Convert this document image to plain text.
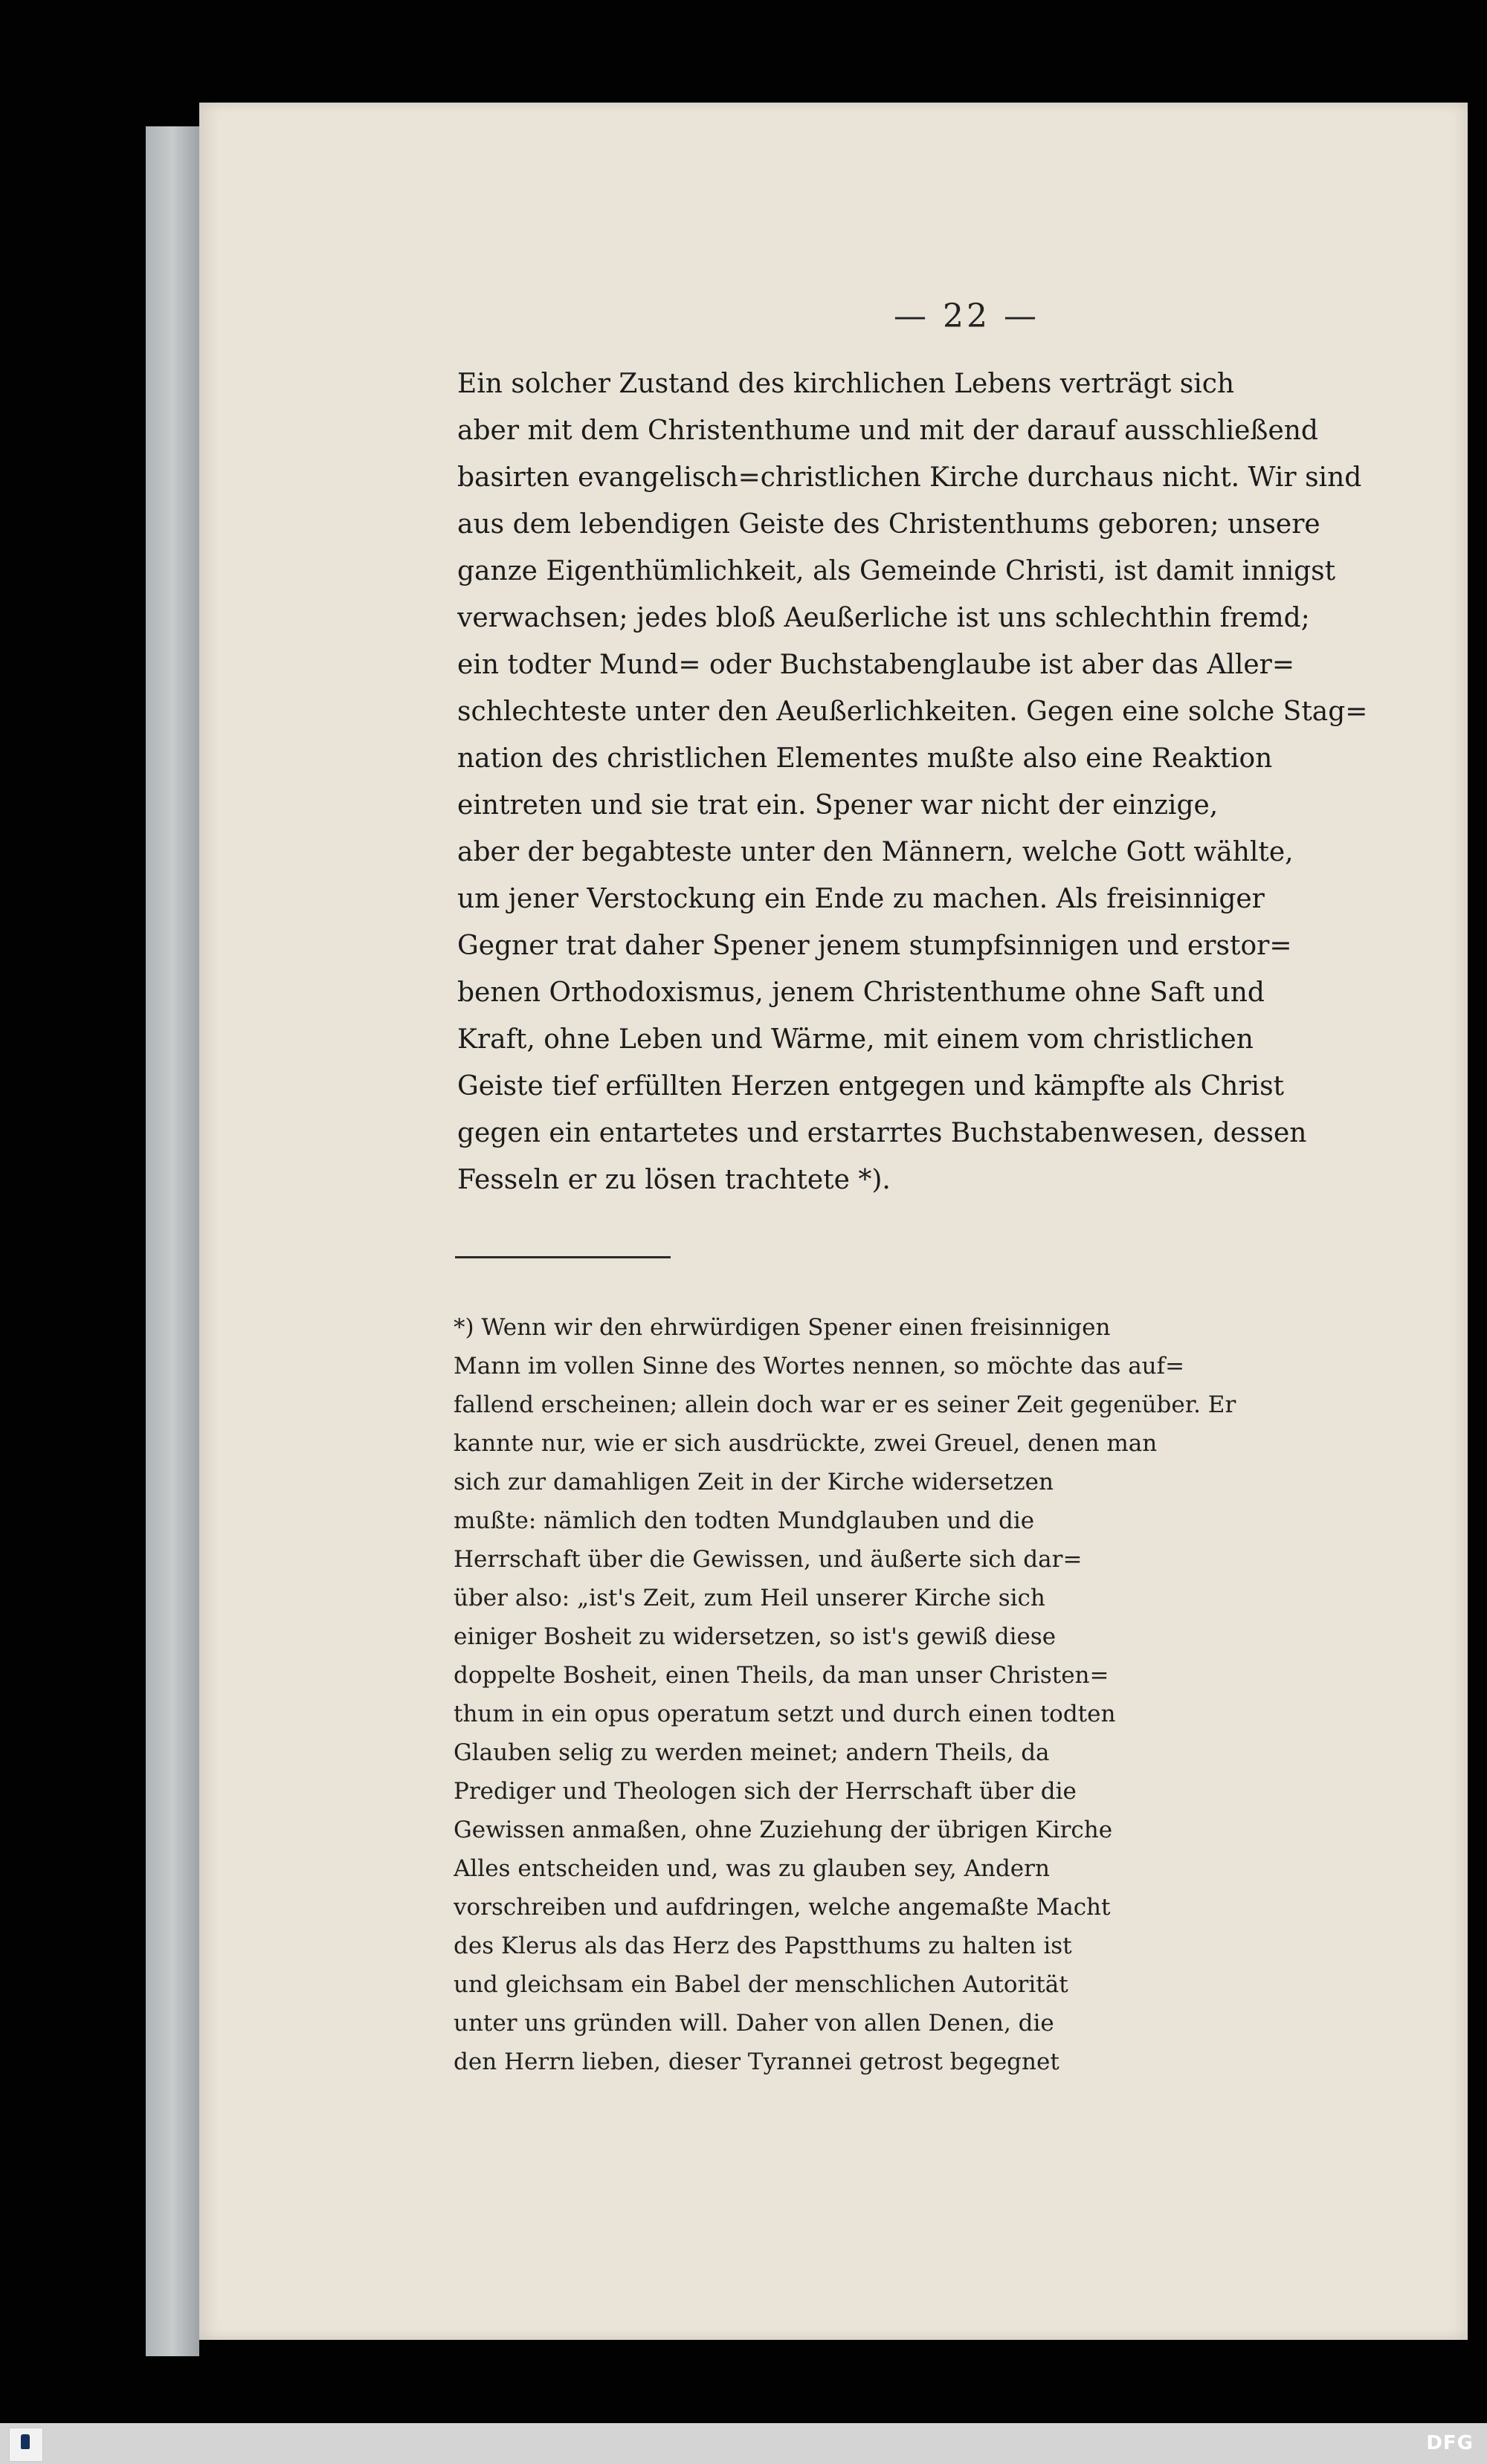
— 22 —
Ein solcher Zustand des kirchlichen Lebens verträgt sich
aber mit dem Christenthume und mit der darauf ausschließend
basirten evangelisch=christlichen Kirche durchaus nicht. Wir sind
aus dem lebendigen Geiste des Christenthums geboren; unsere
ganze Eigenthümlichkeit, als Gemeinde Christi, ist damit innigst
verwachsen; jedes bloß Aeußerliche ist uns schlechthin fremd;
ein todter Mund= oder Buchstabenglaube ist aber das Aller=
schlechteste unter den Aeußerlichkeiten. Gegen eine solche Stag=
nation des christlichen Elementes mußte also eine Reaktion
eintreten und sie trat ein. Spener war nicht der einzige,
aber der begabteste unter den Männern, welche Gott wählte,
um jener Verstockung ein Ende zu machen. Als freisinniger
Gegner trat daher Spener jenem stumpfsinnigen und erstor=
benen Orthodoxismus, jenem Christenthume ohne Saft und
Kraft, ohne Leben und Wärme, mit einem vom christlichen
Geiste tief erfüllten Herzen entgegen und kämpfte als Christ
gegen ein entartetes und erstarrtes Buchstabenwesen, dessen
Fesseln er zu lösen trachtete *).
*) Wenn wir den ehrwürdigen Spener einen freisinnigen
Mann im vollen Sinne des Wortes nennen, so möchte das auf=
fallend erscheinen; allein doch war er es seiner Zeit gegenüber. Er
kannte nur, wie er sich ausdrückte, zwei Greuel, denen man
sich zur damahligen Zeit in der Kirche widersetzen
mußte: nämlich den todten Mundglauben und die
Herrschaft über die Gewissen, und äußerte sich dar=
über also: „ist's Zeit, zum Heil unserer Kirche sich
einiger Bosheit zu widersetzen, so ist's gewiß diese
doppelte Bosheit, einen Theils, da man unser Christen=
thum in ein opus operatum setzt und durch einen todten
Glauben selig zu werden meinet; andern Theils, da
Prediger und Theologen sich der Herrschaft über die
Gewissen anmaßen, ohne Zuziehung der übrigen Kirche
Alles entscheiden und, was zu glauben sey, Andern
vorschreiben und aufdringen, welche angemaßte Macht
des Klerus als das Herz des Papstthums zu halten ist
und gleichsam ein Babel der menschlichen Autorität
unter uns gründen will. Daher von allen Denen, die
den Herrn lieben, dieser Tyrannei getrost begegnet
DFG
